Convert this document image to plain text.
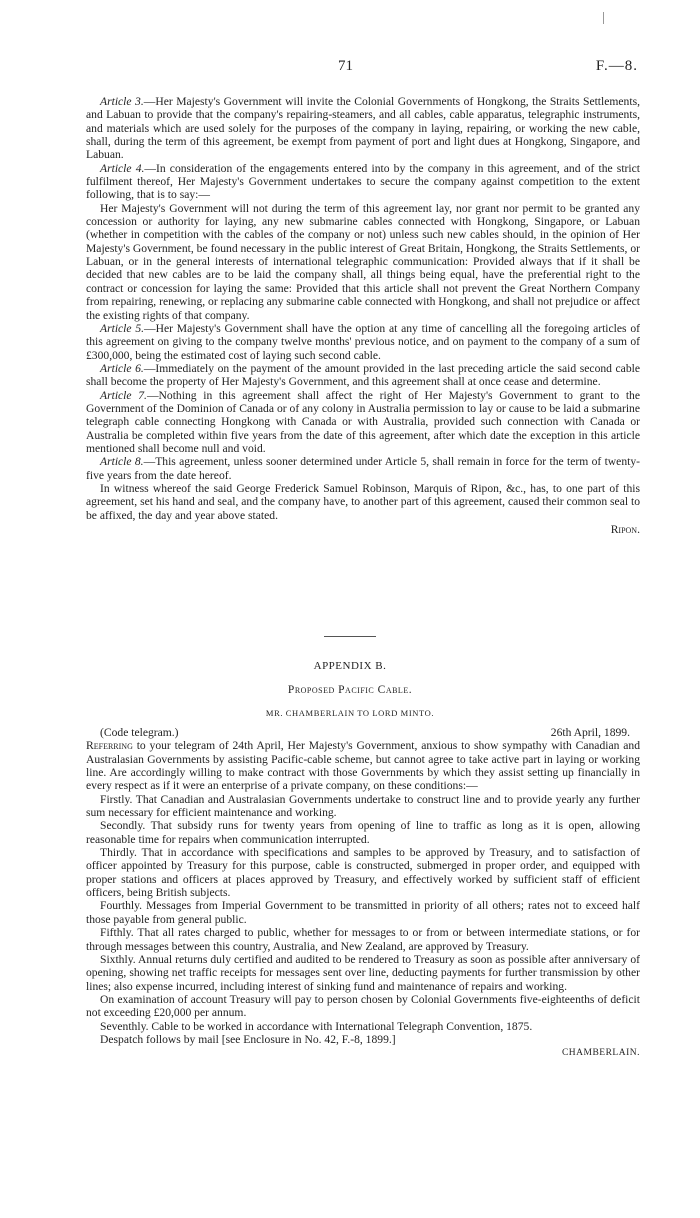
71	F.—8.

Article 3.—Her Majesty's Government will invite the Colonial Governments of Hongkong, the Straits Settlements, and Labuan to provide that the company's repairing-steamers, and all cables, cable apparatus, telegraphic instruments, and materials which are used solely for the purposes of the company in laying, repairing, or working the new cable, shall, during the term of this agreement, be exempt from payment of port and light dues at Hongkong, Singapore, and Labuan.

Article 4.—In consideration of the engagements entered into by the company in this agreement, and of the strict fulfilment thereof, Her Majesty's Government undertakes to secure the company against competition to the extent following, that is to say:—

Her Majesty's Government will not during the term of this agreement lay, nor grant nor permit to be granted any concession or authority for laying, any new submarine cables connected with Hongkong, Singapore, or Labuan (whether in competition with the cables of the company or not) unless such new cables should, in the opinion of Her Majesty's Government, be found necessary in the public interest of Great Britain, Hongkong, the Straits Settlements, or Labuan, or in the general interests of international telegraphic communication: Provided always that if it shall be decided that new cables are to be laid the company shall, all things being equal, have the preferential right to the contract or concession for laying the same: Provided that this article shall not prevent the Great Northern Company from repairing, renewing, or replacing any submarine cable connected with Hongkong, and shall not prejudice or affect the existing rights of that company.

Article 5.—Her Majesty's Government shall have the option at any time of cancelling all the foregoing articles of this agreement on giving to the company twelve months' previous notice, and on payment to the company of a sum of £300,000, being the estimated cost of laying such second cable.

Article 6.—Immediately on the payment of the amount provided in the last preceding article the said second cable shall become the property of Her Majesty's Government, and this agreement shall at once cease and determine.

Article 7.—Nothing in this agreement shall affect the right of Her Majesty's Government to grant to the Government of the Dominion of Canada or of any colony in Australia permission to lay or cause to be laid a submarine telegraph cable connecting Hongkong with Canada or with Australia, provided such connection with Canada or Australia be completed within five years from the date of this agreement, after which date the exception in this article mentioned shall become null and void.

Article 8.—This agreement, unless sooner determined under Article 5, shall remain in force for the term of twenty-five years from the date hereof.

In witness whereof the said George Frederick Samuel Robinson, Marquis of Ripon, &c., has, to one part of this agreement, set his hand and seal, and the company have, to another part of this agreement, caused their common seal to be affixed, the day and year above stated.

Ripon.

APPENDIX B.
Proposed Pacific Cable.
MR. CHAMBERLAIN TO LORD MINTO.
(Code telegram.)	26th April, 1899.

Referring to your telegram of 24th April, Her Majesty's Government, anxious to show sympathy with Canadian and Australasian Governments by assisting Pacific-cable scheme, but cannot agree to take active part in laying or working line. Are accordingly willing to make contract with those Governments by which they assist setting up financially in every respect as if it were an enterprise of a private company, on these conditions:—

Firstly. That Canadian and Australasian Governments undertake to construct line and to provide yearly any further sum necessary for efficient maintenance and working.

Secondly. That subsidy runs for twenty years from opening of line to traffic as long as it is open, allowing reasonable time for repairs when communication interrupted.

Thirdly. That in accordance with specifications and samples to be approved by Treasury, and to satisfaction of officer appointed by Treasury for this purpose, cable is constructed, submerged in proper order, and equipped with proper stations and officers at places approved by Treasury, and effectively worked by sufficient staff of efficient officers, being British subjects.

Fourthly. Messages from Imperial Government to be transmitted in priority of all others; rates not to exceed half those payable from general public.

Fifthly. That all rates charged to public, whether for messages to or from or between intermediate stations, or for through messages between this country, Australia, and New Zealand, are approved by Treasury.

Sixthly. Annual returns duly certified and audited to be rendered to Treasury as soon as possible after anniversary of opening, showing net traffic receipts for messages sent over line, deducting payments for further transmission by other lines; also expense incurred, including interest of sinking fund and maintenance of repairs and working.

On examination of account Treasury will pay to person chosen by Colonial Governments five-eighteenths of deficit not exceeding £20,000 per annum.

Seventhly. Cable to be worked in accordance with International Telegraph Convention, 1875.

Despatch follows by mail [see Enclosure in No. 42, F.-8, 1899.]

CHAMBERLAIN.
